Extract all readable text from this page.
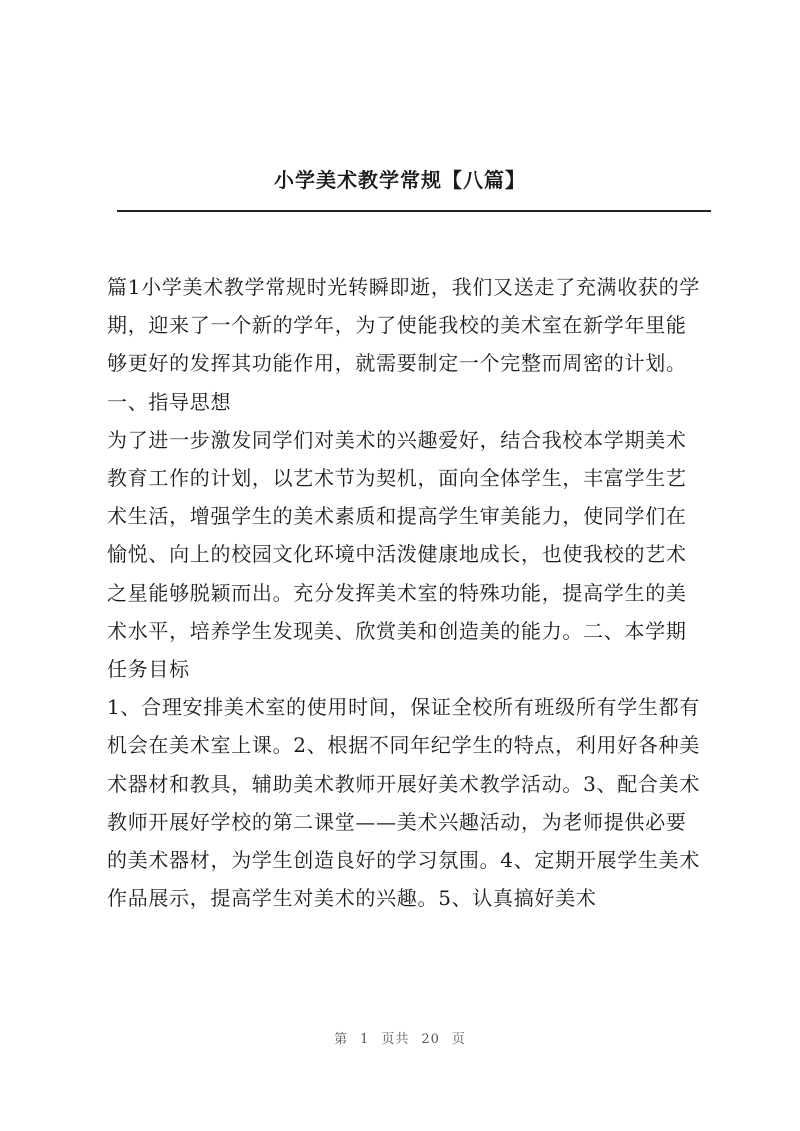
小学美术教学常规【八篇】

篇1小学美术教学常规时光转瞬即逝，我们又送走了充满收获的学期，迎来了一个新的学年，为了使能我校的美术室在新学年里能够更好的发挥其功能作用，就需要制定一个完整而周密的计划。一、指导思想

为了进一步激发同学们对美术的兴趣爱好，结合我校本学期美术教育工作的计划，以艺术节为契机，面向全体学生，丰富学生艺术生活，增强学生的美术素质和提高学生审美能力，使同学们在愉悦、向上的校园文化环境中活泼健康地成长，也使我校的艺术之星能够脱颖而出。充分发挥美术室的特殊功能，提高学生的美术水平，培养学生发现美、欣赏美和创造美的能力。二、本学期任务目标

1、合理安排美术室的使用时间，保证全校所有班级所有学生都有机会在美术室上课。2、根据不同年纪学生的特点，利用好各种美术器材和教具，辅助美术教师开展好美术教学活动。3、配合美术教师开展好学校的第二课堂——美术兴趣活动，为老师提供必要的美术器材，为学生创造良好的学习氛围。4、定期开展学生美术作品展示，提高学生对美术的兴趣。5、认真搞好美术

第 1 页共 20 页
